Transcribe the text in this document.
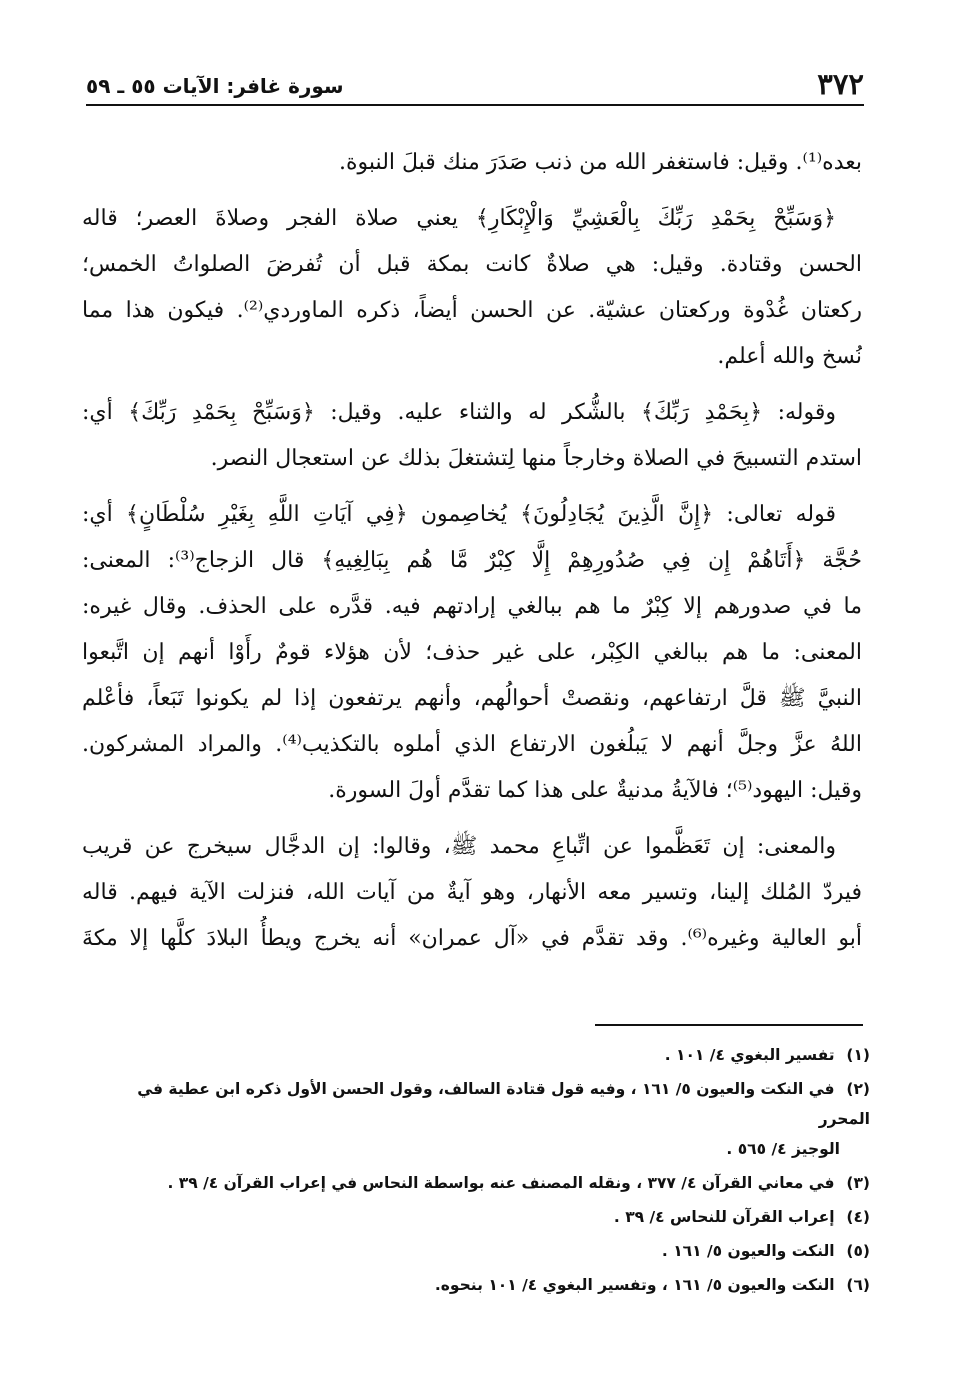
٣٧٢
سورة غافر: الآيات ٥٥ ـ ٥٩

بعده⁽¹⁾. وقيل: فاستغفر الله من ذنب صَدَرَ منك قبلَ النبوة.

﴿وَسَبِّحْ بِحَمْدِ رَبِّكَ بِالْعَشِيِّ وَالْإِبْكَارِ﴾ يعني صلاة الفجر وصلاةَ العصر؛ قاله
الحسن وقتادة. وقيل: هي صلاةٌ كانت بمكة قبل أن تُفرضَ الصلواتُ الخمس؛
ركعتان غُدْوة وركعتان عشيّة. عن الحسن أيضاً، ذكره الماوردي⁽²⁾. فيكون هذا مما
نُسخ والله أعلم.

وقوله: ﴿بِحَمْدِ رَبِّكَ﴾ بالشُّكر له والثناء عليه. وقيل: ﴿وَسَبِّحْ بِحَمْدِ رَبِّكَ﴾ أي:
استدم التسبيحَ في الصلاة وخارجاً منها لِتشتغلَ بذلك عن استعجال النصر.

قوله تعالى: ﴿إِنَّ الَّذِينَ يُجَادِلُونَ﴾ يُخاصِمون ﴿فِي آيَاتِ اللَّهِ بِغَيْرِ سُلْطَانٍ﴾ أي:
حُجَّة ﴿أَتَاهُمْ إِن فِي صُدُورِهِمْ إِلَّا كِبْرٌ مَّا هُم بِبَالِغِيهِ﴾ قال الزجاج⁽³⁾: المعنى:
ما في صدورهم إلا كِبْرٌ ما هم ببالغي إرادتهم فيه. قدَّره على الحذف. وقال غيره:
المعنى: ما هم ببالغي الكِبْر، على غير حذف؛ لأن هؤلاء قومٌ رأَوْا أنهم إن اتَّبعوا
النبيَّ ﷺ قلَّ ارتفاعهم، ونقصتْ أحوالُهم، وأنهم يرتفعون إذا لم يكونوا تَبَعاً، فأعْلم
اللهُ عزَّ وجلَّ أنهم لا يَبلُغون الارتفاع الذي أملوه بالتكذيب⁽⁴⁾. والمراد المشركون.
وقيل: اليهود⁽⁵⁾؛ فالآيةُ مدنيةٌ على هذا كما تقدَّم أولَ السورة.

والمعنى: إن تَعَظَّموا عن اتِّباعِ محمد ﷺ، وقالوا: إن الدجَّال سيخرج عن قريب
فيردّ المُلك إلينا، وتسير معه الأنهار، وهو آيةٌ من آيات الله، فنزلت الآية فيهم. قاله
أبو العالية وغيره⁽⁶⁾. وقد تقدَّم في «آل عمران» أنه يخرج ويطأُ البلادَ كلَّها إلا مكةَ

(١) تفسير البغوي ٤/ ١٠١ .

(٢) في النكت والعيون ٥/ ١٦١ ، وفيه قول قتادة السالف، وقول الحسن الأول ذكره ابن عطية في المحرر
الوجيز ٤/ ٥٦٥ .

(٣) في معاني القرآن ٤/ ٣٧٧ ، ونقله المصنف عنه بواسطة النحاس في إعراب القرآن ٤/ ٣٩ .

(٤) إعراب القرآن للنحاس ٤/ ٣٩ .

(٥) النكت والعيون ٥/ ١٦١ .

(٦) النكت والعيون ٥/ ١٦١ ، وتفسير البغوي ٤/ ١٠١ بنحوه.
